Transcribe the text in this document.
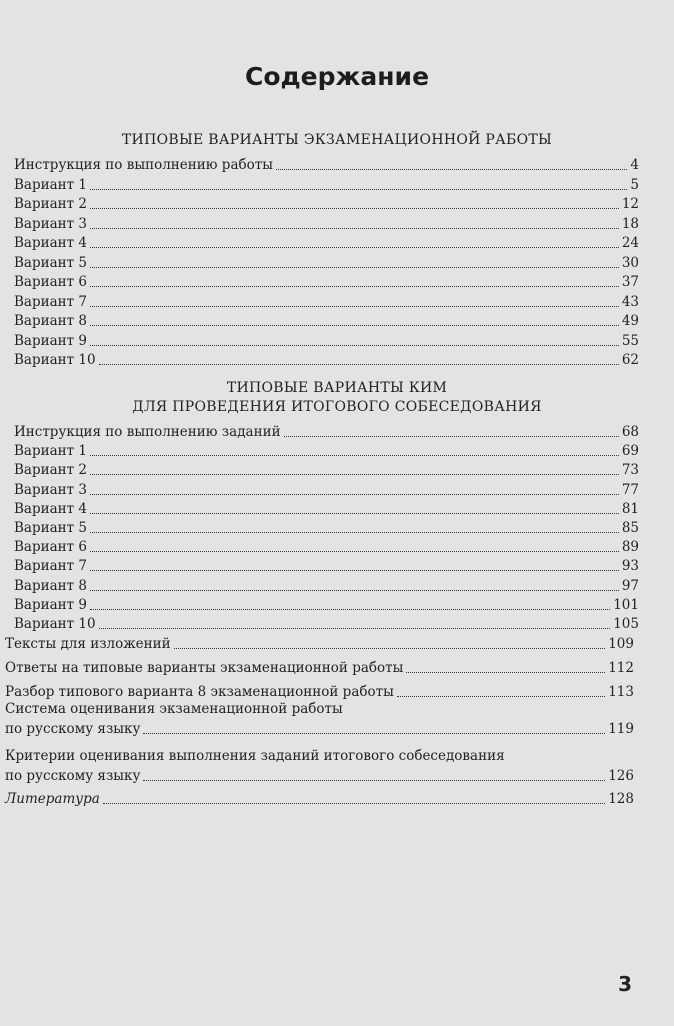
Содержание
ТИПОВЫЕ ВАРИАНТЫ ЭКЗАМЕНАЦИОННОЙ РАБОТЫ
Инструкция по выполнению работы	4
Вариант 1	5
Вариант 2	12
Вариант 3	18
Вариант 4	24
Вариант 5	30
Вариант 6	37
Вариант 7	43
Вариант 8	49
Вариант 9	55
Вариант 10	62
ТИПОВЫЕ ВАРИАНТЫ КИМ
ДЛЯ ПРОВЕДЕНИЯ ИТОГОВОГО СОБЕСЕДОВАНИЯ
Инструкция по выполнению заданий	68
Вариант 1	69
Вариант 2	73
Вариант 3	77
Вариант 4	81
Вариант 5	85
Вариант 6	89
Вариант 7	93
Вариант 8	97
Вариант 9	101
Вариант 10	105
Тексты для изложений	109
Ответы на типовые варианты экзаменационной работы	112
Разбор типового варианта 8 экзаменационной работы	113
Система оценивания экзаменационной работы
по русскому языку	119
Критерии оценивания выполнения заданий итогового собеседования
по русскому языку	126
Литература	128
3
